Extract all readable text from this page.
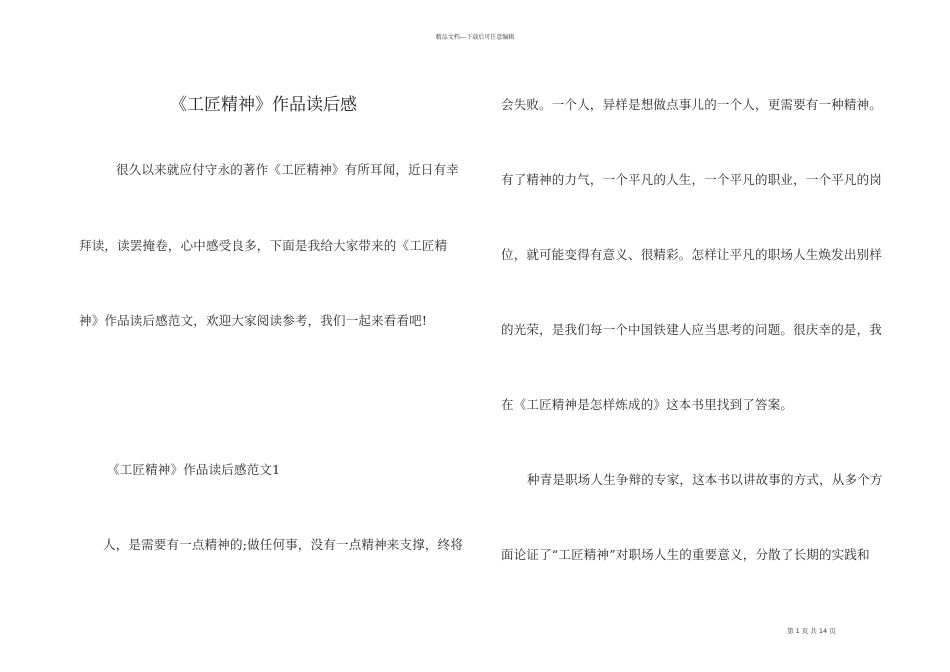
精品文档---下载后可任意编辑
《工匠精神》作品读后感
很久以来就应付守永的著作《工匠精神》有所耳闻，近日有幸
拜读，读罢掩卷，心中感受良多，下面是我给大家带来的《工匠精
神》作品读后感范文，欢迎大家阅读参考，我们一起来看看吧!
《工匠精神》作品读后感范文1
人，是需要有一点精神的;做任何事，没有一点精神来支撑，终将
会失败。一个人，异样是想做点事儿的一个人，更需要有一种精神。
有了精神的力气，一个平凡的人生，一个平凡的职业，一个平凡的岗
位，就可能变得有意义、很精彩。怎样让平凡的职场人生焕发出别样
的光荣，是我们每一个中国铁建人应当思考的问题。很庆幸的是，我
在《工匠精神是怎样炼成的》这本书里找到了答案。
种青是职场人生争辩的专家，这本书以讲故事的方式，从多个方
面论证了“工匠精神”对职场人生的重要意义，分散了长期的实践和
第 1 页 共 14 页
